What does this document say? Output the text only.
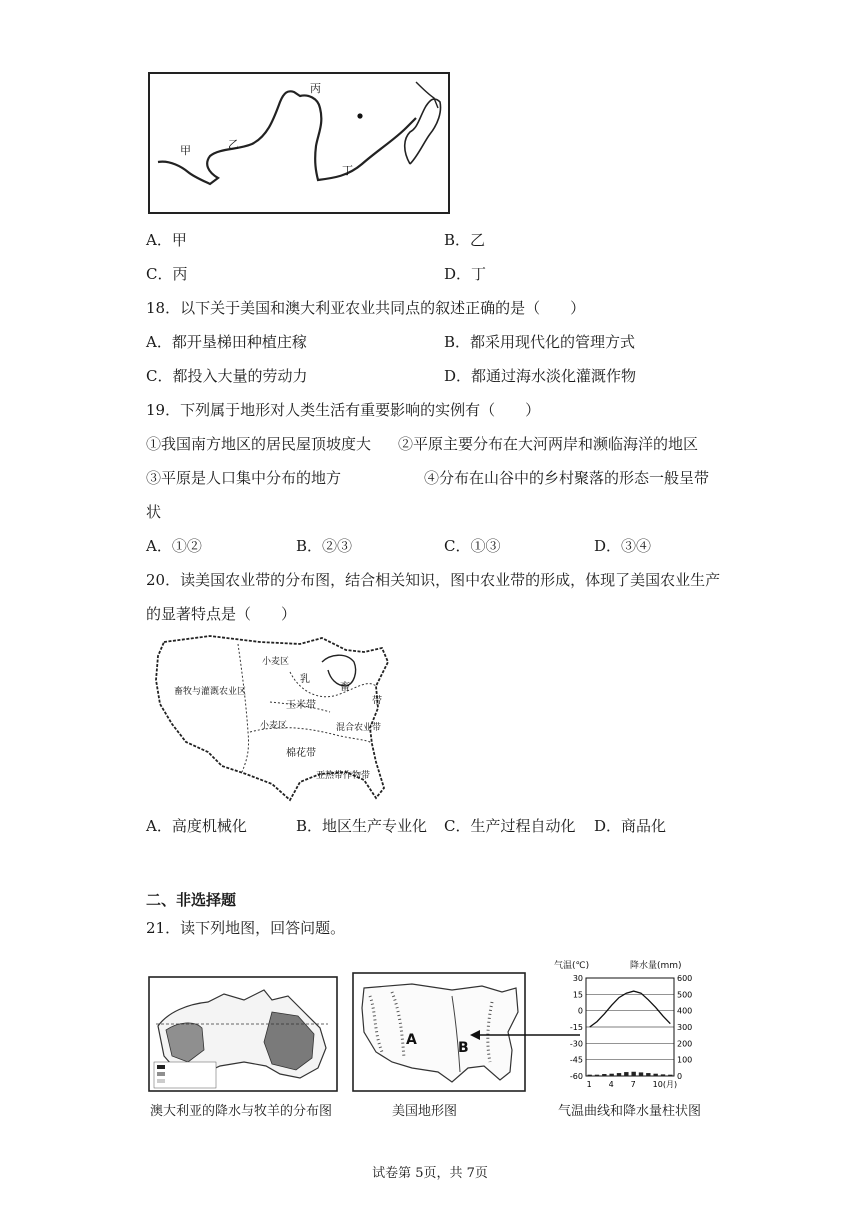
甲	乙
丙
丁
A．甲	B．乙
C．丙	D．丁
18．以下关于美国和澳大利亚农业共同点的叙述正确的是（　　）
A．都开垦梯田种植庄稼	B．都采用现代化的管理方式
C．都投入大量的劳动力	D．都通过海水淡化灌溉作物
19．下列属于地形对人类生活有重要影响的实例有（　　）
①我国南方地区的居民屋顶坡度大 ②平原主要分布在大河两岸和濒临海洋的地区
③平原是人口集中分布的地方	④分布在山谷中的乡村聚落的形态一般呈带
状
A．①②	B．②③	C．①③	D．③④
20．读美国农业带的分布图，结合相关知识，图中农业带的形成，体现了美国农业生产
的显著特点是（　　）
小麦区
畜牧与灌溉农业区
乳
畜
带
玉米带
混合农业带
小麦区
棉花带
亚热带作物带
A．高度机械化	B．地区生产专业化 C．生产过程自动化 D．商品化
二、非选择题
21．读下列地图，回答问题。
澳大利亚的降水与牧羊的分布图
A	B
美国地形图
气温(℃)	降水量(mm)
30	600
15	500
0	400
-15	300
-30	200
-45	100
-60	0
1 4 7 10(月)
气温曲线和降水量柱状图
试卷第 5页，共 7页
